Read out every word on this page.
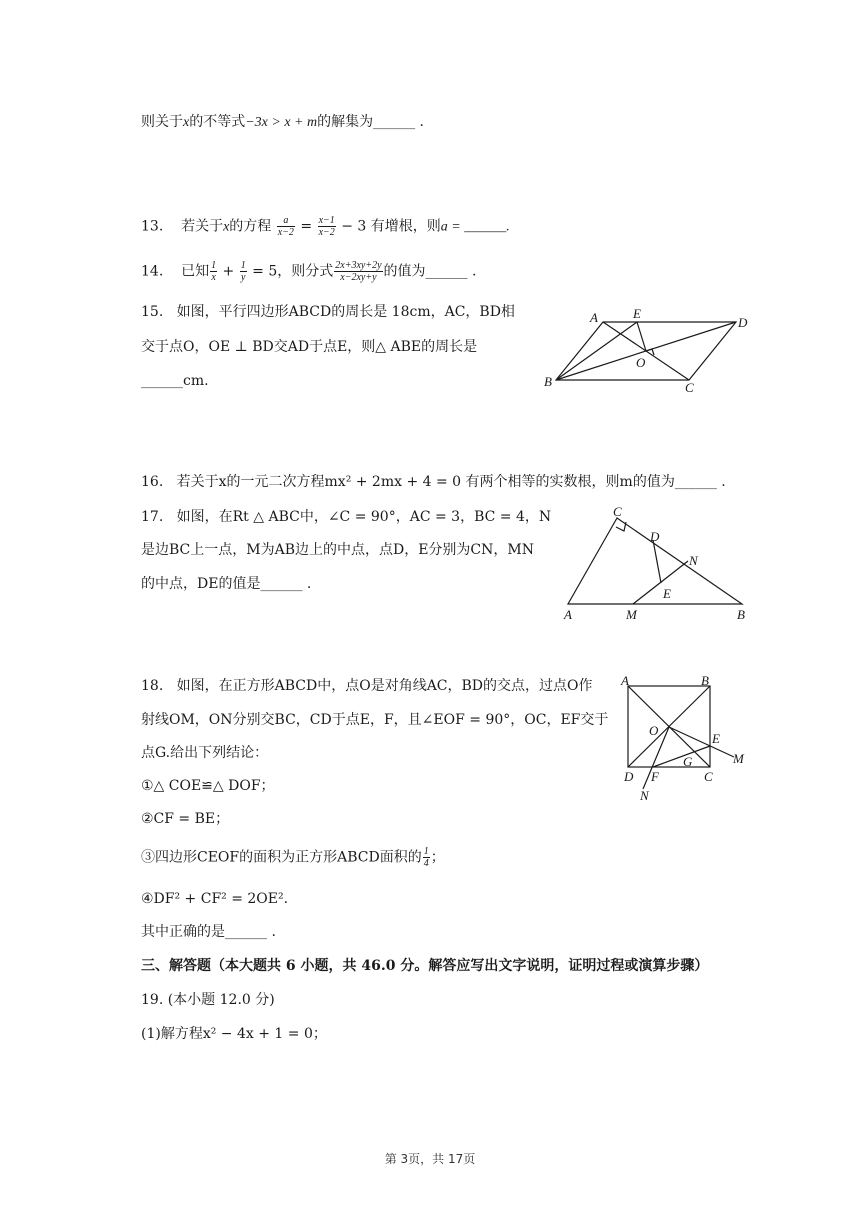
则关于x的不等式−3x > x + m的解集为______ .
13. 若关于x的方程 $\frac{a}{x-2} = \frac{x-1}{x-2} - 3$ 有增根，则a = ______.
14. 已知 $\frac{1}{x} + \frac{1}{y} = 5$，则分式 $\frac{2x+3xy+2y}{x-2xy+y}$ 的值为______ .
15. 如图，平行四边形ABCD的周长是 18cm，AC，BD相
交于点O，OE ⊥ BD交AD于点E，则△ ABE的周长是
______cm.
A	E
D
O
B	C
16. 若关于x的一元二次方程mx² + 2mx + 4 = 0 有两个相等的实数根，则m的值为______ .
17. 如图，在Rt △ ABC中，∠C = 90°，AC = 3，BC = 4，N
是边BC上一点，M为AB边上的中点，点D，E分别为CN，MN
的中点，DE的值是______ .
C
D
N
E
A	M	B
18. 如图，在正方形ABCD中，点O是对角线AC，BD的交点，过点O作
射线OM，ON分别交BC，CD于点E，F，且∠EOF = 90°，OC，EF交于
点G.给出下列结论：
①△ COE≌△ DOF；
②CF = BE；
③四边形CEOF的面积为正方形ABCD面积的 $\frac{1}{4}$ ；
④DF² + CF² = 2OE².
其中正确的是______ .
A	B
O
E
M
D F
G
C
N
三、解答题（本大题共 6 小题，共 46.0 分。解答应写出文字说明，证明过程或演算步骤）
19. (本小题 12.0 分)
(1)解方程x² − 4x + 1 = 0；
第 3页，共 17页
